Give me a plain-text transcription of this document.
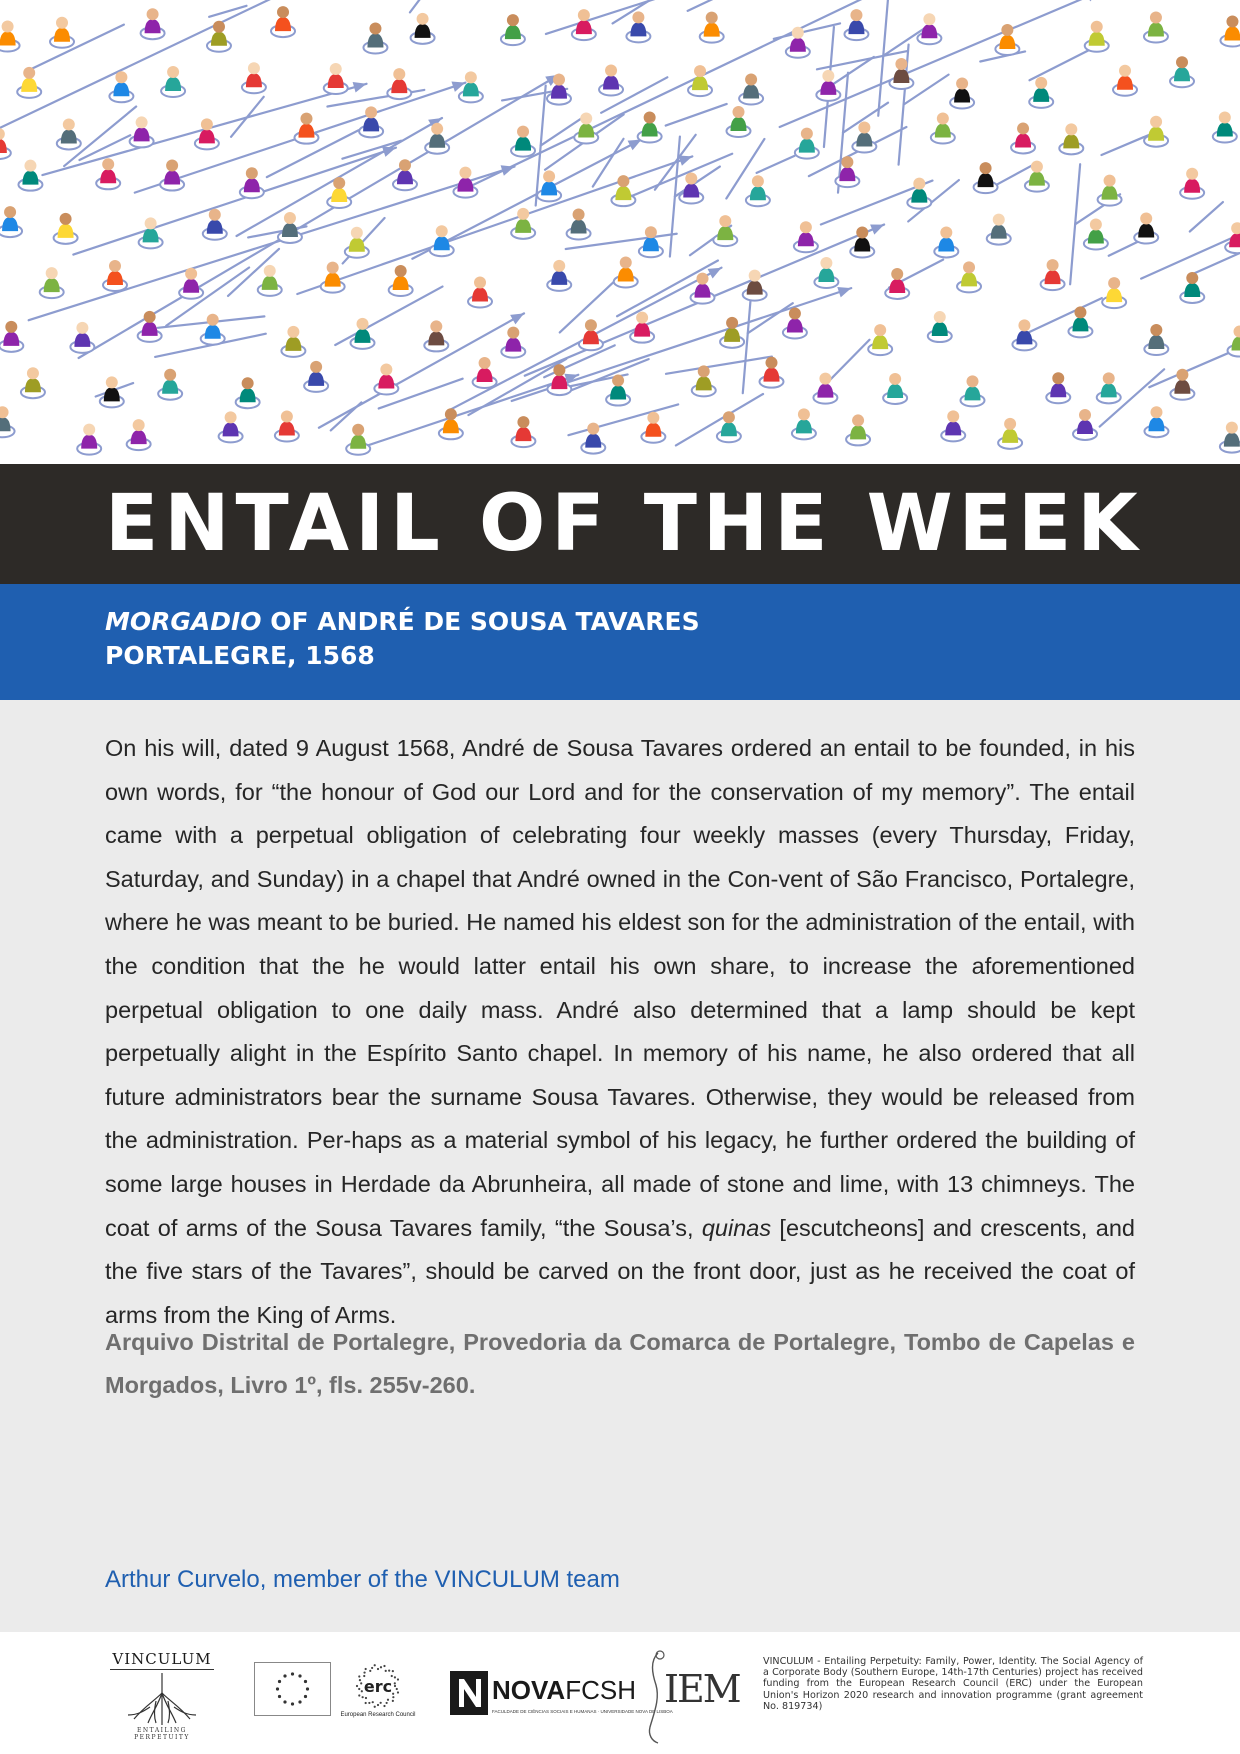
ENTAIL OF THE WEEK
MORGADIO OF ANDRÉ DE SOUSA TAVARES
PORTALEGRE, 1568

On his will, dated 9 August 1568, André de Sousa Tavares ordered an entail to be founded, in his own words, for “the honour of God our Lord and for the conservation of my memory”. The entail came with a perpetual obligation of celebrating four weekly masses (every Thursday, Friday, Saturday, and Sunday) in a chapel that André owned in the Con-vent of São Francisco, Portalegre, where he was meant to be buried. He named his eldest son for the administration of the entail, with the condition that the he would latter entail his own share, to increase the aforementioned perpetual obligation to one daily mass. André also determined that a lamp should be kept perpetually alight in the Espírito Santo chapel. In memory of his name, he also ordered that all future administrators bear the surname Sousa Tavares. Otherwise, they would be released from the administration. Per-haps as a material symbol of his legacy, he further ordered the building of some large houses in Herdade da Abrunheira, all made of stone and lime, with 13 chimneys. The coat of arms of the Sousa Tavares family, “the Sousa’s, quinas [escutcheons] and crescents, and the five stars of the Tavares”, should be carved on the front door, just as he received the coat of arms from the King of Arms.

Arquivo Distrital de Portalegre, Provedoria da Comarca de Portalegre, Tombo de Capelas e Morgados, Livro 1º, fls. 255v-260.

Arthur Curvelo, member of the VINCULUM team

VINCULUM
ENTAILING PERPETUITY
erc
European Research Council
NOVAFCSH
FACULDADE DE CIÊNCIAS SOCIAIS E HUMANAS · UNIVERSIDADE NOVA DE LISBOA
IEM

VINCULUM - Entailing Perpetuity: Family, Power, Identity. The Social Agency of a Corporate Body (Southern Europe, 14th-17th Centuries) project has received funding from the European Research Council (ERC) under the European Union's Horizon 2020 research and innovation programme (grant agreement No. 819734)
